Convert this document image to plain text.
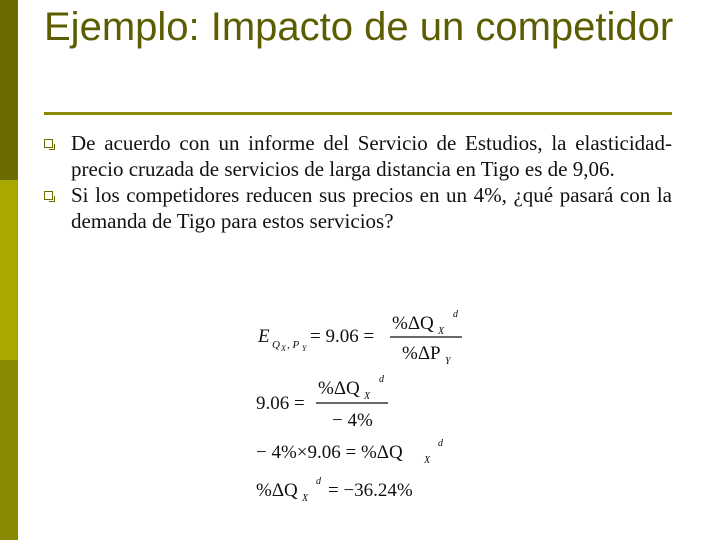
Ejemplo: Impacto de un competidor
De acuerdo con un informe del Servicio de Estudios, la elasticidad-precio cruzada de servicios de larga distancia en Tigo es de 9,06.
Si los competidores reducen sus precios en un 4%, ¿qué pasará con la demanda de Tigo para estos servicios?
E Q X , P Y
= 9.06 =
%ΔQ X
d
%ΔP Y
9.06 =
%ΔQ X
d
− 4%
− 4%×9.06 = %ΔQ X
d
%ΔQ X
d = −36.24%
